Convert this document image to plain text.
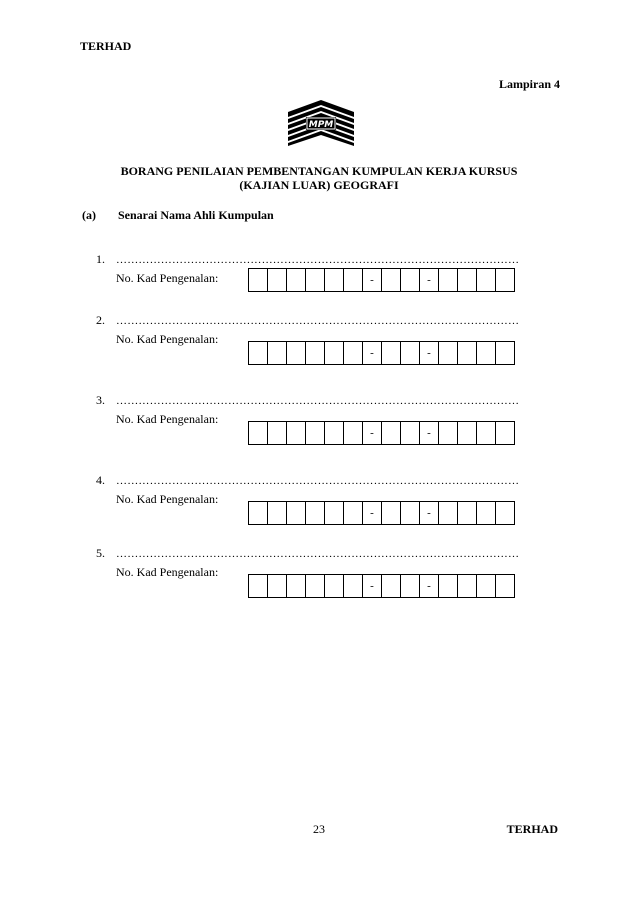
TERHAD
Lampiran 4
MPM
BORANG PENILAIAN PEMBENTANGAN KUMPULAN KERJA KURSUS
(KAJIAN LUAR) GEOGRAFI
(a) Senarai Nama Ahli Kumpulan
1.	………………………………………………………………………………………………
No. Kad Pengenalan:	-	-
2.	………………………………………………………………………………………………
No. Kad Pengenalan:
-	-
3.	………………………………………………………………………………………………
No. Kad Pengenalan:
-	-
4.	………………………………………………………………………………………………
No. Kad Pengenalan:
-	-
5.	………………………………………………………………………………………………
No. Kad Pengenalan:
-	-
23	TERHAD
